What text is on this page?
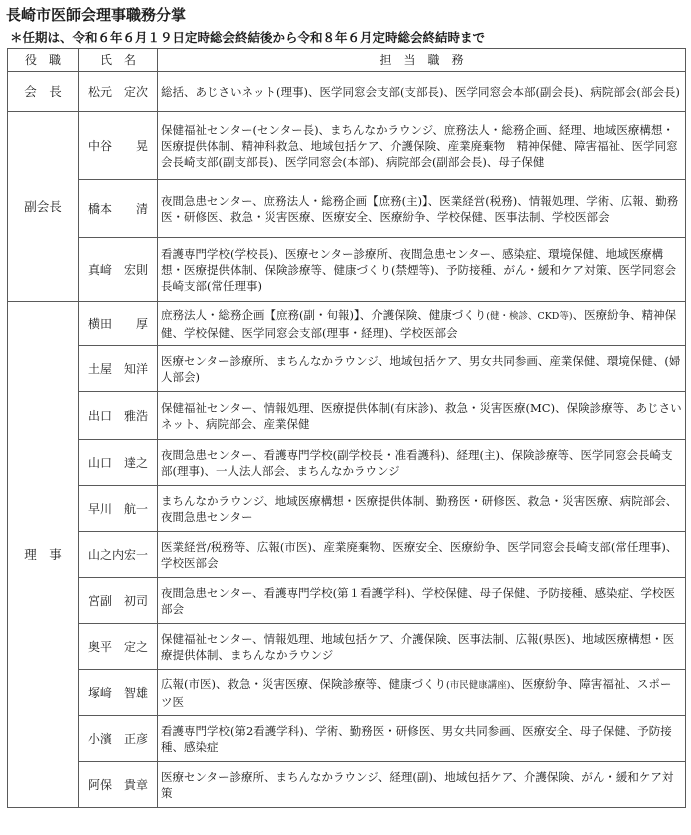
長崎市医師会理事職務分掌
＊任期は、令和６年６月１９日定時総会終結後から令和８年６月定時総会終結時まで
役　職	氏　名	担　当　職　務
会　長	松元　定次	総括、あじさいネット(理事)、医学同窓会支部(支部長)、医学同窓会本部(副会長)、病院部会(部会長)
副会長	中谷　　晃	保健福祉センター(センター長)、まちんなかラウンジ、庶務法人・総務企画、経理、地域医療構想・医療提供体制、精神科救急、地域包括ケア、介護保険、産業廃棄物　精神保健、障害福祉、医学同窓会長崎支部(副支部長)、医学同窓会(本部)、病院部会(副部会長)、母子保健
	橋本　　清	夜間急患センター、庶務法人・総務企画【庶務(主)】、医業経営(税務)、情報処理、学術、広報、勤務医・研修医、救急・災害医療、医療安全、医療紛争、学校保健、医事法制、学校医部会
	真﨑　宏則	看護専門学校(学校長)、医療センター診療所、夜間急患センター、感染症、環境保健、地域医療構想・医療提供体制、保険診療等、健康づくり(禁煙等)、予防接種、がん・緩和ケア対策、医学同窓会長崎支部(常任理事)
理　事	横田　　厚	庶務法人・総務企画【庶務(副・旬報)】、介護保険、健康づくり(健・検診、CKD等)、医療紛争、精神保健、学校保健、医学同窓会支部(理事・経理)、学校医部会
	土屋　知洋	医療センター診療所、まちんなかラウンジ、地域包括ケア、男女共同参画、産業保健、環境保健、(婦人部会)
	出口　雅浩	保健福祉センター、情報処理、医療提供体制(有床診)、救急・災害医療(MC)、保険診療等、あじさいネット、病院部会、産業保健
	山口　達之	夜間急患センター、看護専門学校(副学校長・准看護科)、経理(主)、保険診療等、医学同窓会長崎支部(理事)、一人法人部会、まちんなかラウンジ
	早川　航一	まちんなかラウンジ、地域医療構想・医療提供体制、勤務医・研修医、救急・災害医療、病院部会、夜間急患センター
	山之内宏一	医業経営/税務等、広報(市医)、産業廃棄物、医療安全、医療紛争、医学同窓会長崎支部(常任理事)、学校医部会
	宮副　初司	夜間急患センター、看護専門学校(第１看護学科)、学校保健、母子保健、予防接種、感染症、学校医部会
	奥平　定之	保健福祉センター、情報処理、地域包括ケア、介護保険、医事法制、広報(県医)、地域医療構想・医療提供体制、まちんなかラウンジ
	塚﨑　智雄	広報(市医)、救急・災害医療、保険診療等、健康づくり(市民健康講座)、医療紛争、障害福祉、スポーツ医
	小濱　正彦	看護専門学校(第2看護学科)、学術、勤務医・研修医、男女共同参画、医療安全、母子保健、予防接種、感染症
	阿保　貴章	医療センター診療所、まちんなかラウンジ、経理(副)、地域包括ケア、介護保険、がん・緩和ケア対策
